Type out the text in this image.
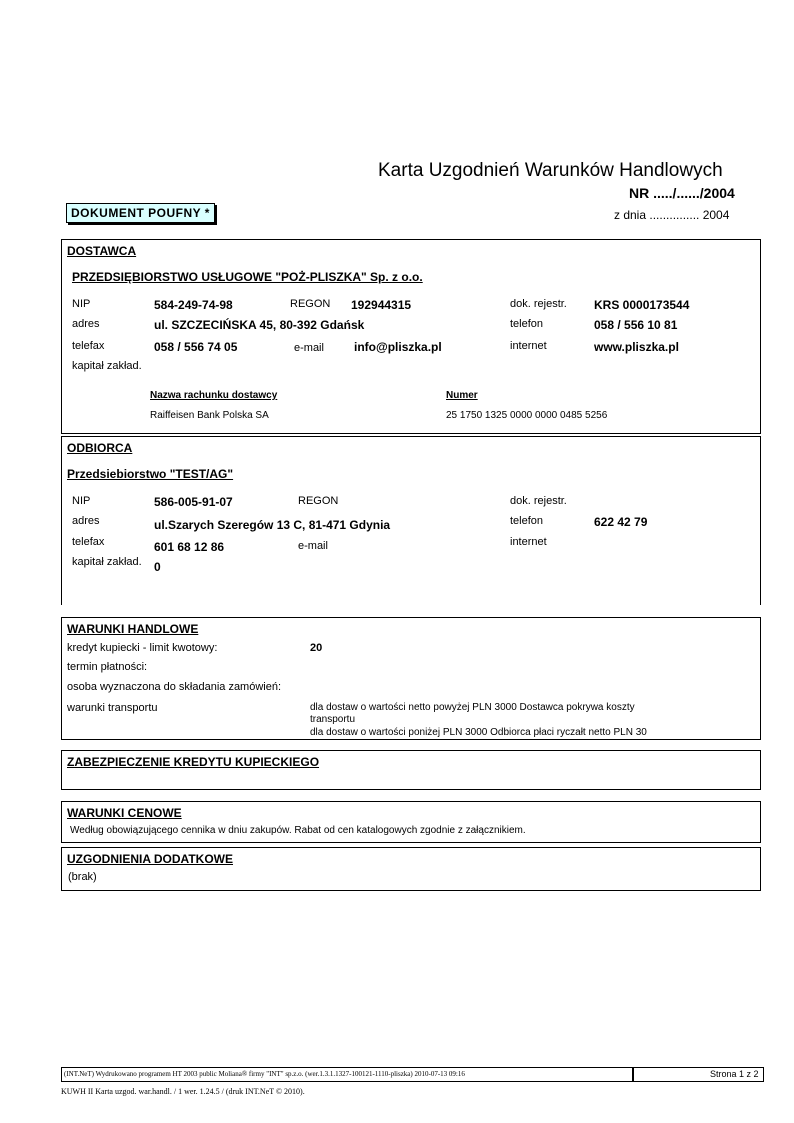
Karta Uzgodnień Warunków Handlowych
NR ...../....../2004
z dnia ............... 2004
DOKUMENT POUFNY *
DOSTAWCA
PRZEDSIĘBIORSTWO USŁUGOWE "POŻ-PLISZKA" Sp. z o.o.
NIP	584-249-74-98	REGON 192944315	dok. rejestr. KRS 0000173544
adres	ul. SZCZECIŃSKA 45, 80-392 Gdańsk	telefon	058 / 556 10 81
telefax	058 / 556 74 05	e-mail	info@pliszka.pl	internet	www.pliszka.pl
kapitał zakład.
Nazwa rachunku dostawcy
Raiffeisen Bank Polska SA
Numer
25 1750 1325 0000 0000 0485 5256
ODBIORCA
Przedsiebiorstwo "TEST/AG"
NIP	586-005-91-07	REGON	dok. rejestr.
adres	ul.Szarych Szeregów 13 C, 81-471 Gdynia	telefon	622 42 79
telefax	601 68 12 86	e-mail	internet
kapitał zakład. 0
WARUNKI HANDLOWE
kredyt kupiecki - limit kwotowy:	20
termin płatności:
osoba wyznaczona do składania zamówień:
warunki transportu	dla dostaw o wartości netto powyżej PLN 3000 Dostawca pokrywa koszty
transportu
dla dostaw o wartości poniżej PLN 3000 Odbiorca płaci ryczałt netto PLN 30
ZABEZPIECZENIE KREDYTU KUPIECKIEGO
WARUNKI CENOWE
Według obowiązującego cennika w dniu zakupów. Rabat od cen katalogowych zgodnie z załącznikiem.
UZGODNIENIA DODATKOWE
(brak)
(INT.NeT) Wydrukowano programem HT 2003 public Moliana® firmy "INT" sp.z.o. (wer.1.3.1.1327-100121-1110-pliszka) 2010-07-13 09:16	Strona 1 z 2
KUWH II Karta uzgod. war.handl. / 1 wer. 1.24.5 / (druk INT.NeT © 2010).
